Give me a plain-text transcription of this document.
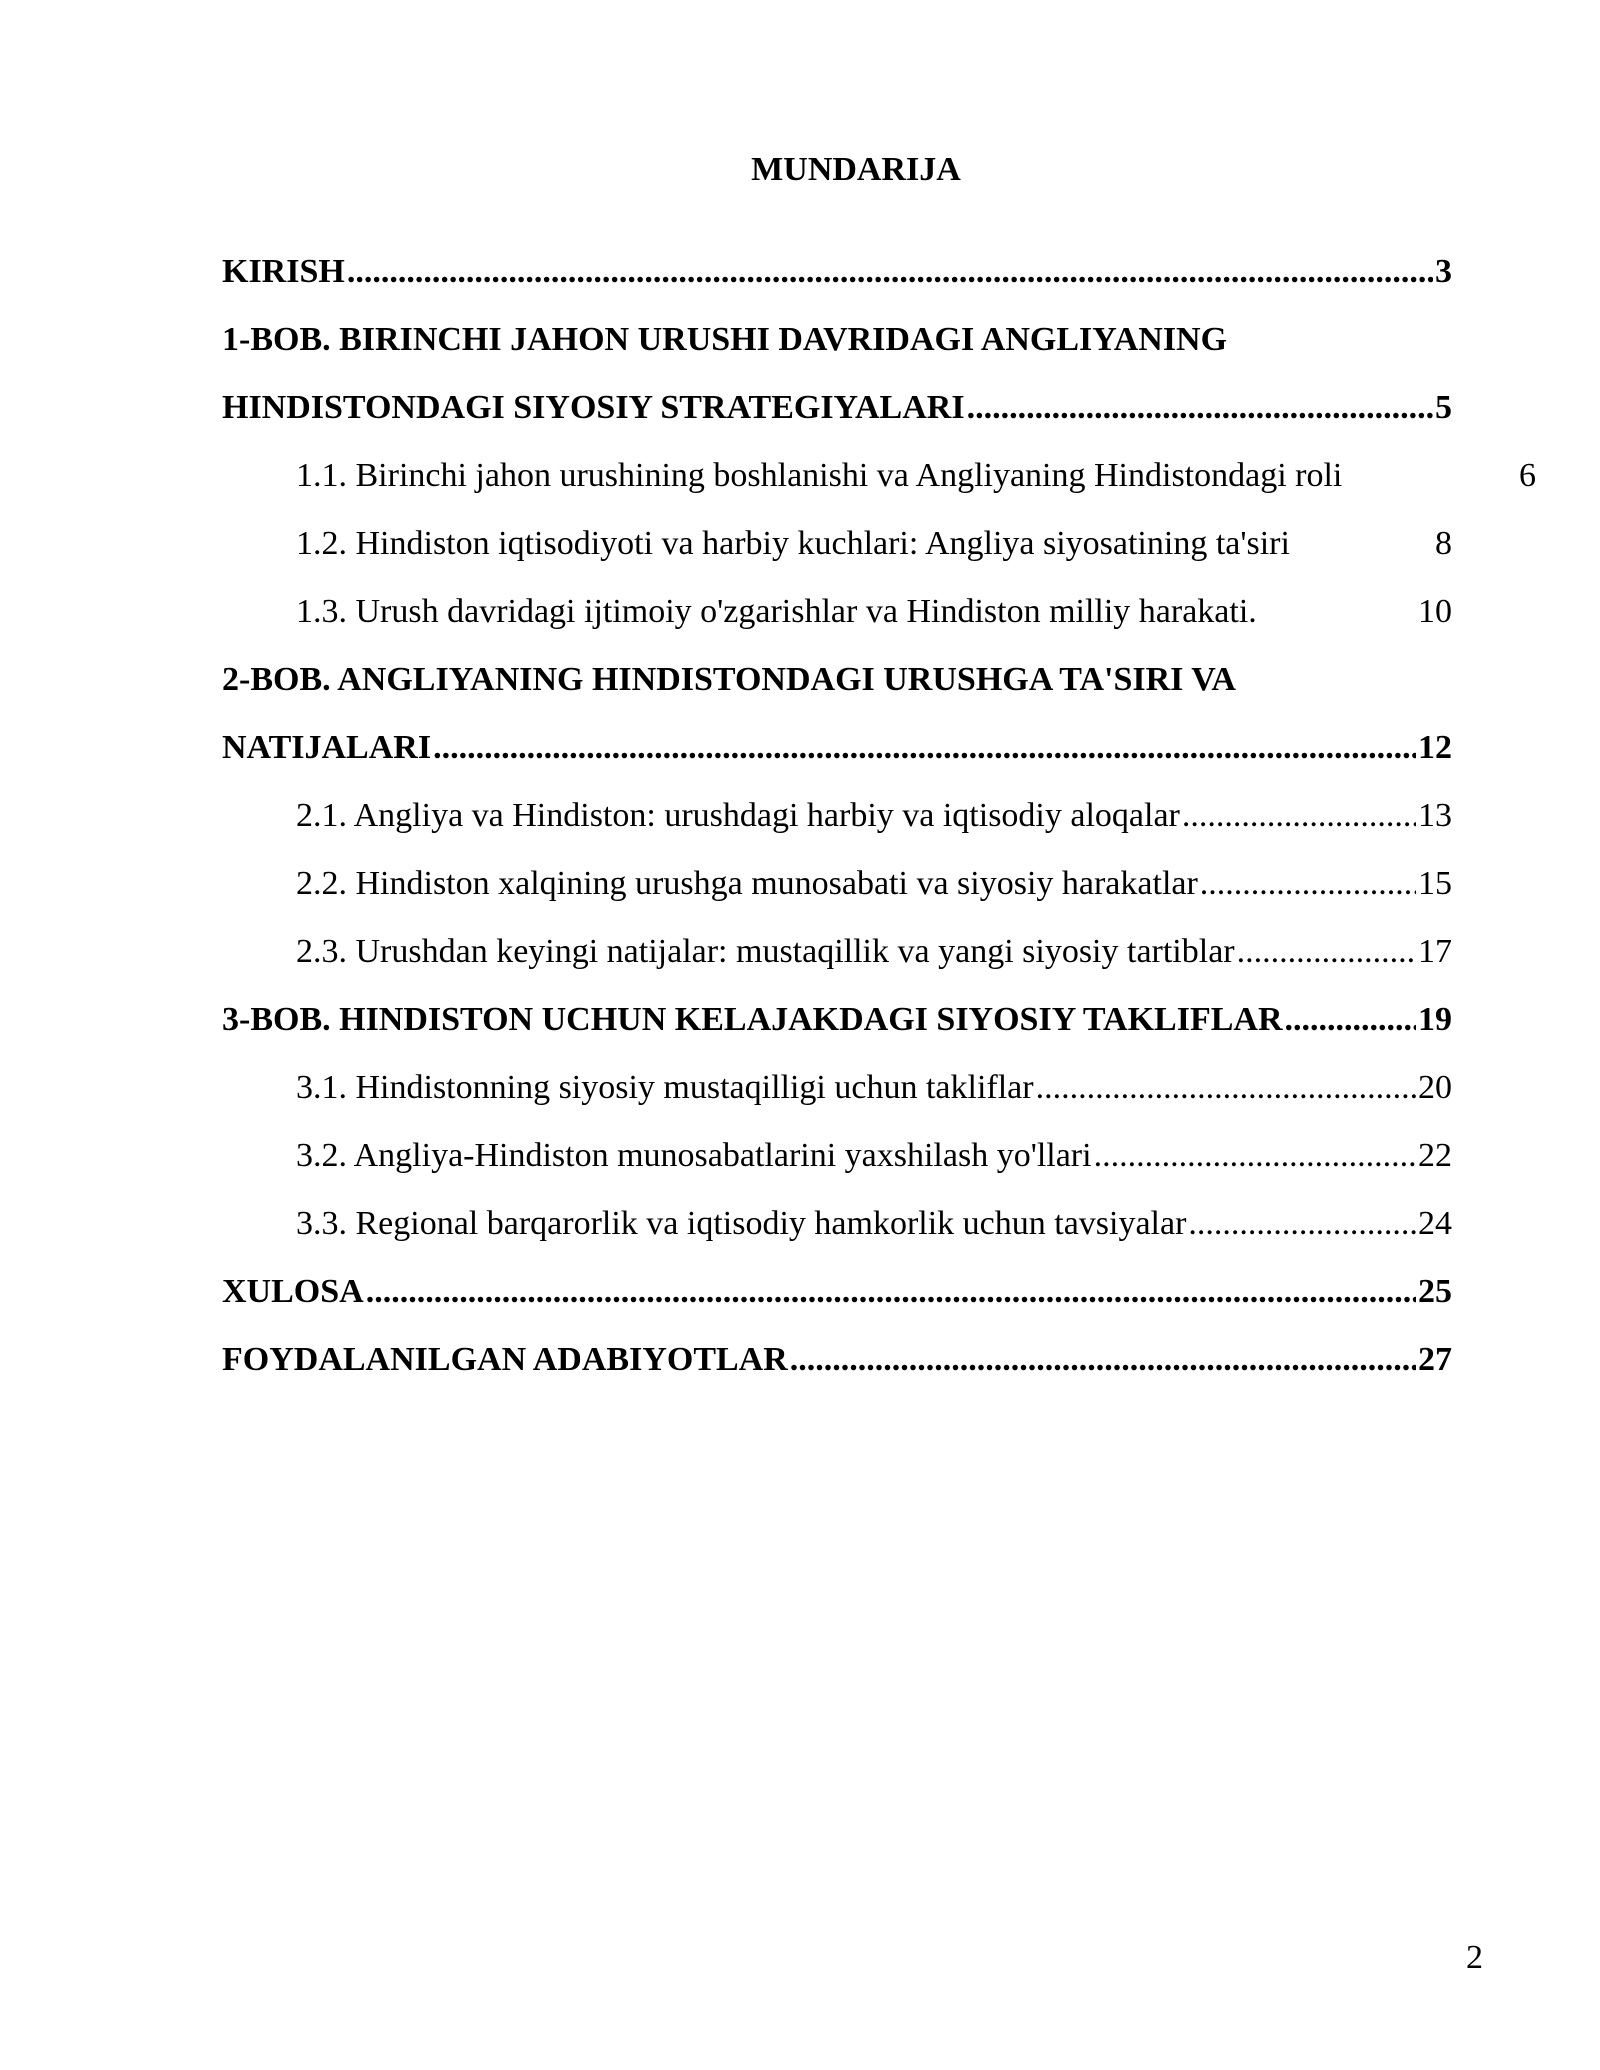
MUNDARIJA
KIRISH .....	3
1-BOB. BIRINCHI JAHON URUSHI DAVRIDAGI ANGLIYANING
HINDISTONDAGI SIYOSIY STRATEGIYALARI .....	5
1.1. Birinchi jahon urushining boshlanishi va Angliyaning Hindistondagi roli	6
1.2. Hindiston iqtisodiyoti va harbiy kuchlari: Angliya siyosatining ta'siri	8
1.3. Urush davridagi ijtimoiy o'zgarishlar va Hindiston milliy harakati.	10
2-BOB. ANGLIYANING HINDISTONDAGI URUSHGA TA'SIRI VA
NATIJALARI .....	12
2.1. Angliya va Hindiston: urushdagi harbiy va iqtisodiy aloqalar .....	13
2.2. Hindiston xalqining urushga munosabati va siyosiy harakatlar .....	15
2.3. Urushdan keyingi natijalar: mustaqillik va yangi siyosiy tartiblar .....	17
3-BOB. HINDISTON UCHUN KELAJAKDAGI SIYOSIY TAKLIFLAR .....	19
3.1. Hindistonning siyosiy mustaqilligi uchun takliflar .....	20
3.2. Angliya-Hindiston munosabatlarini yaxshilash yo'llari .....	22
3.3. Regional barqarorlik va iqtisodiy hamkorlik uchun tavsiyalar .....	24
XULOSA .....	25
FOYDALANILGAN ADABIYOTLAR .....	27
2
